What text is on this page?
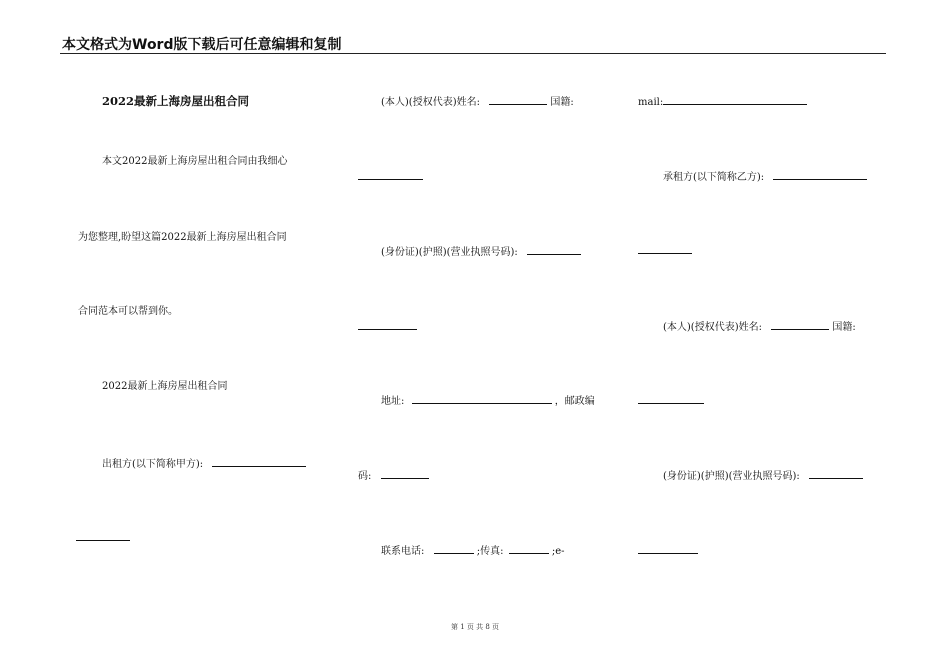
本文格式为Word版下载后可任意编辑和复制
2022最新上海房屋出租合同
本文2022最新上海房屋出租合同由我细心
为您整理,盼望这篇2022最新上海房屋出租合同
合同范本可以帮到你。
2022最新上海房屋出租合同
出租方(以下简称甲方):
(本人)(授权代表)姓名:	国籍:
(身份证)(护照)(营业执照号码):
地址:	，邮政编
码:
联系电话:	;传真:	;e-
mail:
承租方(以下简称乙方):
(本人)(授权代表)姓名:	国籍:
(身份证)(护照)(营业执照号码):
第 1 页 共 8 页
